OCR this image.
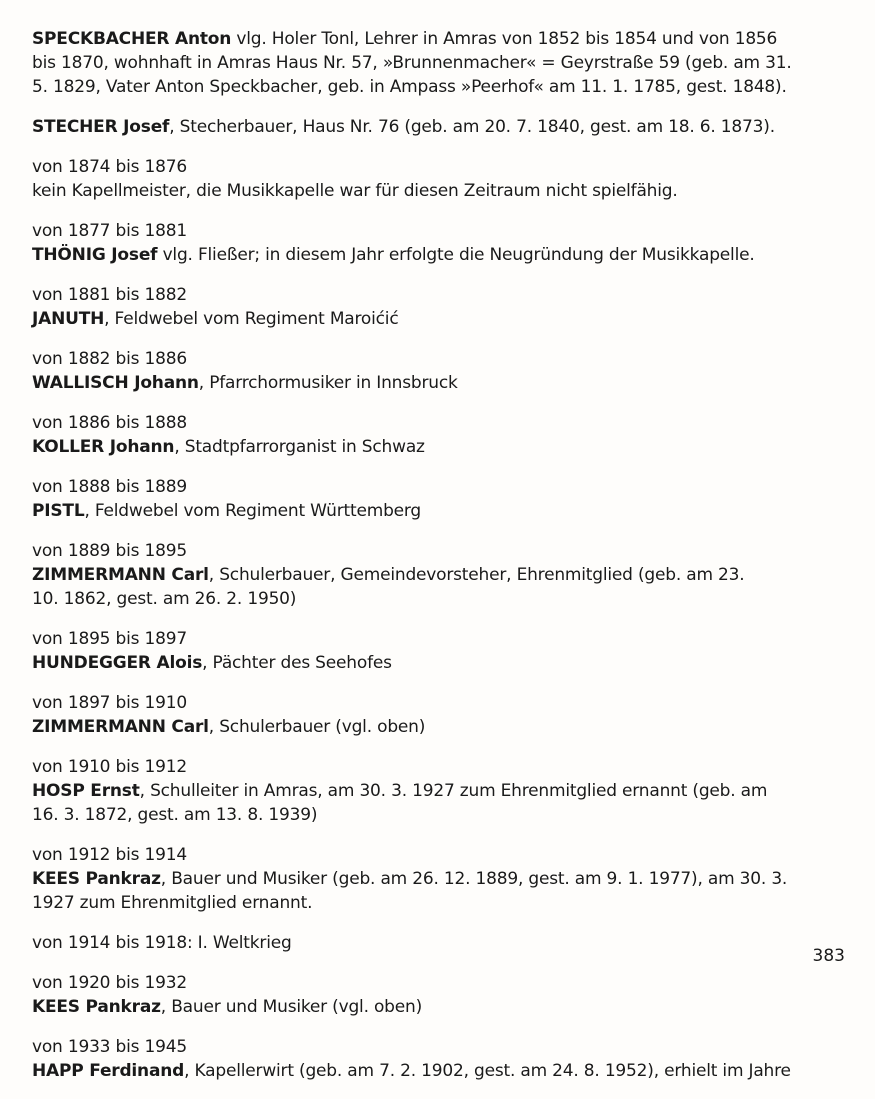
SPECKBACHER Anton vlg. Holer Tonl, Lehrer in Amras von 1852 bis 1854 und von 1856
bis 1870, wohnhaft in Amras Haus Nr. 57, »Brunnenmacher« = Geyrstraße 59 (geb. am 31.
5. 1829, Vater Anton Speckbacher, geb. in Ampass »Peerhof« am 11. 1. 1785, gest. 1848).
STECHER Josef, Stecherbauer, Haus Nr. 76 (geb. am 20. 7. 1840, gest. am 18. 6. 1873).
von 1874 bis 1876
kein Kapellmeister, die Musikkapelle war für diesen Zeitraum nicht spielfähig.
von 1877 bis 1881
THÖNIG Josef vlg. Fließer; in diesem Jahr erfolgte die Neugründung der Musikkapelle.
von 1881 bis 1882
JANUTH, Feldwebel vom Regiment Maroićić
von 1882 bis 1886
WALLISCH Johann, Pfarrchormusiker in Innsbruck
von 1886 bis 1888
KOLLER Johann, Stadtpfarrorganist in Schwaz
von 1888 bis 1889
PISTL, Feldwebel vom Regiment Württemberg
von 1889 bis 1895
ZIMMERMANN Carl, Schulerbauer, Gemeindevorsteher, Ehrenmitglied (geb. am 23.
10. 1862, gest. am 26. 2. 1950)
von 1895 bis 1897
HUNDEGGER Alois, Pächter des Seehofes
von 1897 bis 1910
ZIMMERMANN Carl, Schulerbauer (vgl. oben)
von 1910 bis 1912
HOSP Ernst, Schulleiter in Amras, am 30. 3. 1927 zum Ehrenmitglied ernannt (geb. am
16. 3. 1872, gest. am 13. 8. 1939)
von 1912 bis 1914
KEES Pankraz, Bauer und Musiker (geb. am 26. 12. 1889, gest. am 9. 1. 1977), am 30. 3.
1927 zum Ehrenmitglied ernannt.
von 1914 bis 1918: I. Weltkrieg
von 1920 bis 1932
KEES Pankraz, Bauer und Musiker (vgl. oben)
von 1933 bis 1945
HAPP Ferdinand, Kapellerwirt (geb. am 7. 2. 1902, gest. am 24. 8. 1952), erhielt im Jahre
383
